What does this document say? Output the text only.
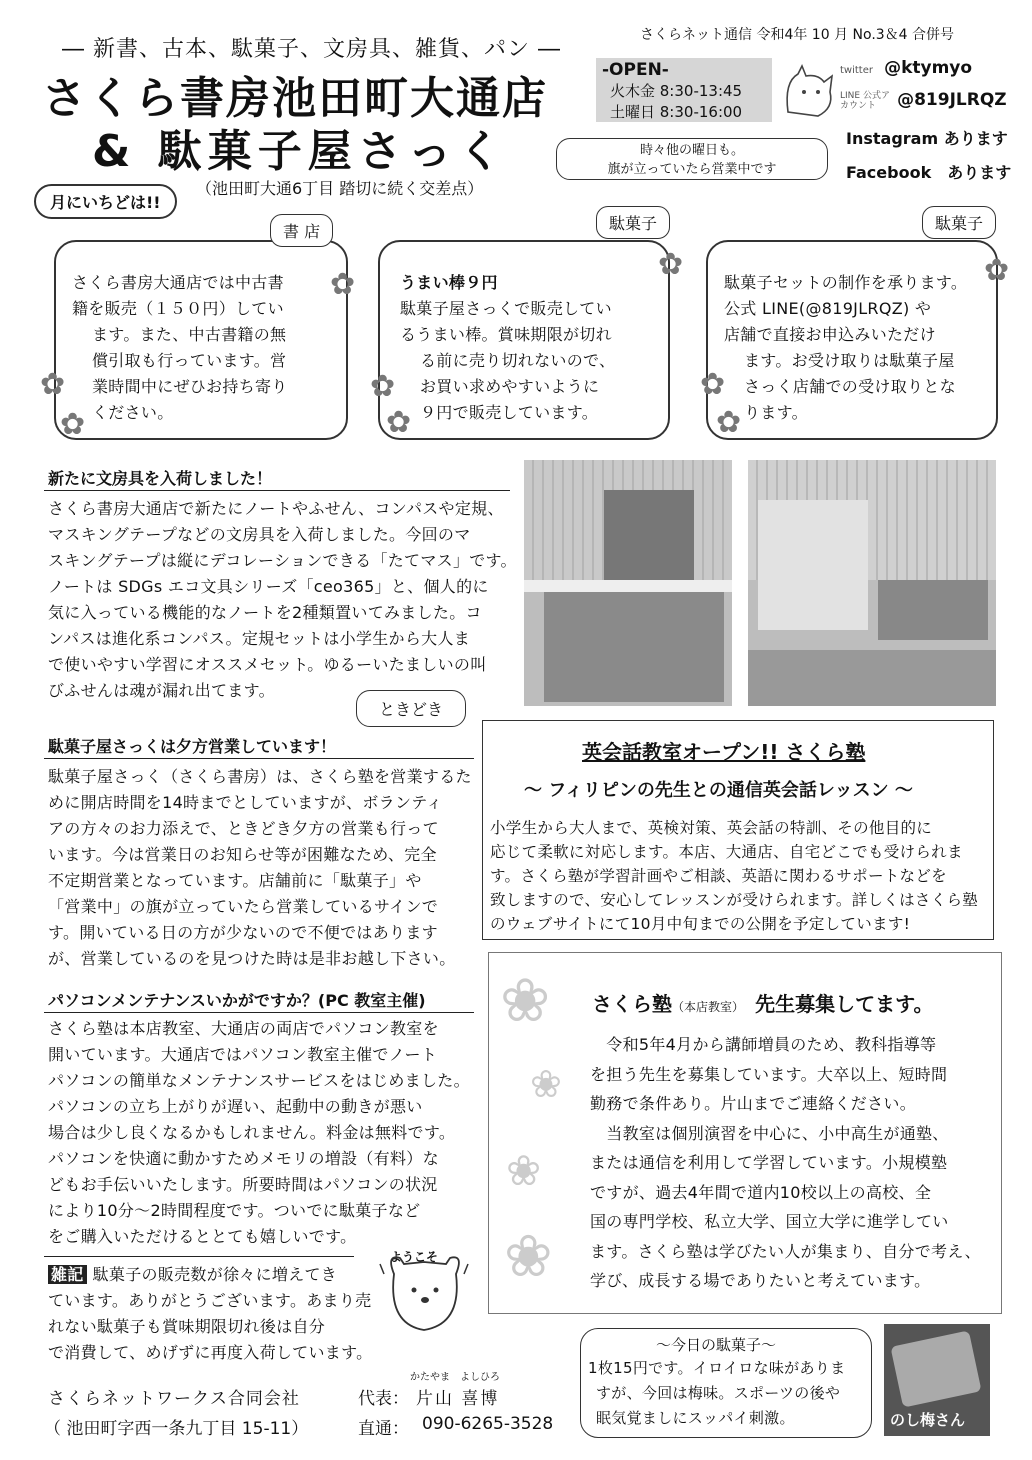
― 新書、古本、駄菓子、文房具、雑貨、パン ―
さくら書房池田町大通店
& 駄菓子屋さっく
（池田町大通6丁目 踏切に続く交差点）
月にいちどは!!
さくらネット通信 令和4年 10 月 No.3＆4 合併号
-OPEN-
火木金 8:30-13:45
土曜日 8:30-16:00
時々他の曜日も。
旗が立っていたら営業中です
twitter @ktymyo
LINE 公式アカウント @819JLRQZ
Instagram あります
Facebook　あります
書 店
さくら書房大通店では中古書
籍を販売（１５０円）してい
ます。また、中古書籍の無
償引取も行っています。営
業時間中にぜひお持ち寄り
ください。
✿
✿
✿
駄菓子
うまい棒９円
駄菓子屋さっくで販売してい
るうまい棒。賞味期限が切れ
る前に売り切れないので、
お買い求めやすいように
９円で販売しています。
✿
✿
✿
駄菓子
駄菓子セットの制作を承ります。
公式 LINE(@819JLRQZ) や
店舗で直接お申込みいただけ
ます。お受け取りは駄菓子屋
さっく店舗での受け取りとな
ります。
✿
✿
✿
新たに文房具を入荷しました！
さくら書房大通店で新たにノートやふせん、コンパスや定規、
マスキングテープなどの文房具を入荷しました。今回のマ
スキングテープは縦にデコレーションできる「たてマス」です。
ノートは SDGs エコ文具シリーズ「ceo365」と、個人的に
気に入っている機能的なノートを2種類置いてみました。コ
ンパスは進化系コンパス。定規セットは小学生から大人ま
で使いやすい学習にオススメセット。ゆるーいたましいの叫
びふせんは魂が漏れ出てます。
ときどき
駄菓子屋さっくは夕方営業しています！
駄菓子屋さっく（さくら書房）は、さくら塾を営業するた
めに開店時間を14時までとしていますが、ボランティ
アの方々のお力添えで、ときどき夕方の営業も行って
います。今は営業日のお知らせ等が困難なため、完全
不定期営業となっています。店舗前に「駄菓子」や
「営業中」の旗が立っていたら営業しているサインで
す。開いている日の方が少ないので不便ではあります
が、営業しているのを見つけた時は是非お越し下さい。
パソコンメンテナンスいかがですか？(PC 教室主催)
さくら塾は本店教室、大通店の両店でパソコン教室を
開いています。大通店ではパソコン教室主催でノート
パソコンの簡単なメンテナンスサービスをはじめました。
パソコンの立ち上がりが遅い、起動中の動きが悪い
場合は少し良くなるかもしれません。料金は無料です。
パソコンを快適に動かすためメモリの増設（有料）な
どもお手伝いいたします。所要時間はパソコンの状況
により10分～2時間程度です。ついでに駄菓子など
をご購入いただけるととても嬉しいです。
雑記 駄菓子の販売数が徐々に増えてき
ています。ありがとうございます。あまり売
れない駄菓子も賞味期限切れ後は自分
で消費して、めげずに再度入荷しています。
ようこそ
英会話教室オープン!! さくら塾
～ フィリピンの先生との通信英会話レッスン ～
小学生から大人まで、英検対策、英会話の特訓、その他目的に
応じて柔軟に対応します。本店、大通店、自宅どこでも受けられま
す。さくら塾が学習計画やご相談、英語に関わるサポートなどを
致しますので、安心してレッスンが受けられます。詳しくはさくら塾
のウェブサイトにて10月中旬までの公開を予定しています!
❀
❀
❀
❀
さくら塾（本店教室） 先生募集してます。
　令和5年4月から講師増員のため、教科指導等
を担う先生を募集しています。大卒以上、短時間
勤務で条件あり。片山までご連絡ください。
　当教室は個別演習を中心に、小中高生が通塾、
または通信を利用して学習しています。小規模塾
ですが、過去4年間で道内10校以上の高校、全
国の専門学校、私立大学、国立大学に進学してい
ます。さくら塾は学びたい人が集まり、自分で考え、
学び、成長する場でありたいと考えています。
～今日の駄菓子～
1枚15円です。イロイロな味がありま
すが、今回は梅味。スポーツの後や
眠気覚ましにスッパイ刺激。	のし梅さん
さくらネットワークス合同会社	代表：
かたやま　よしひろ
片山 喜博
（ 池田町字西一条九丁目 15-11）	直通： 090-6265-3528
